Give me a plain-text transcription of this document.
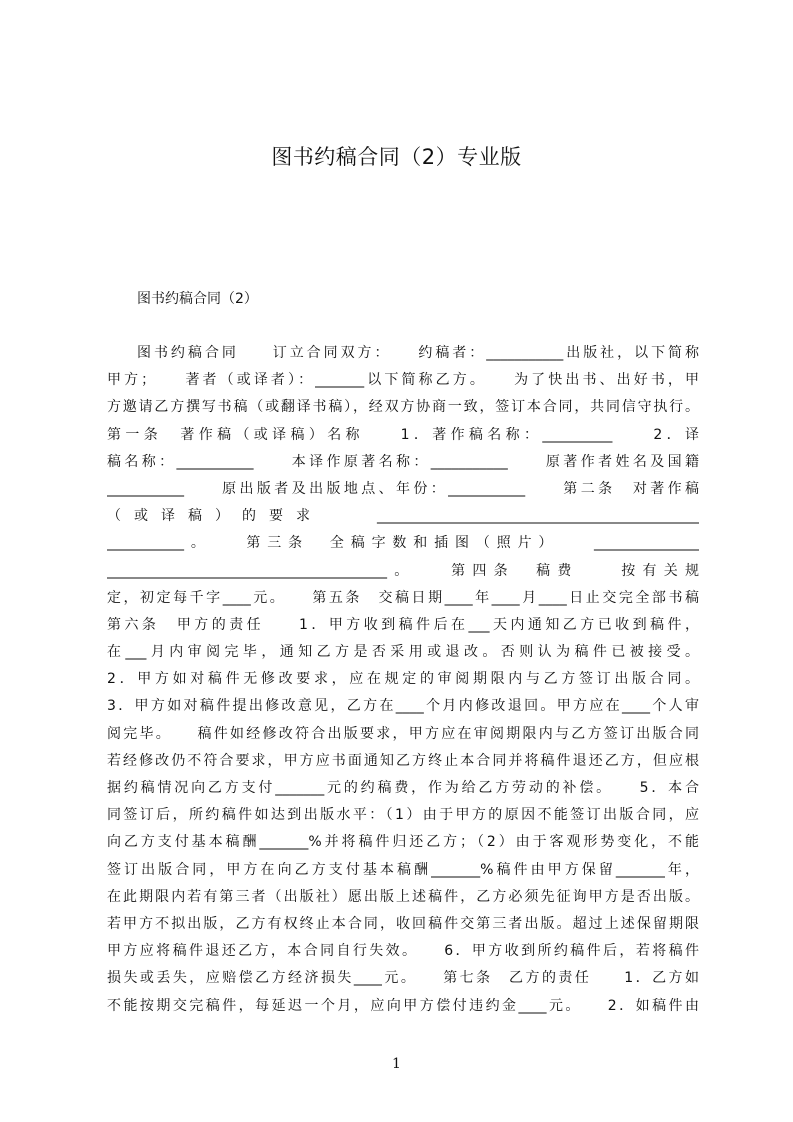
图书约稿合同（2）专业版

图书约稿合同（2）

图书约稿合同　　订立合同双方：　　约稿者：___________出版社，以下简称
甲方；　　著者（或译者）：_______以下简称乙方。　　为了快出书、出好书，甲
方邀请乙方撰写书稿（或翻译书稿），经双方协商一致，签订本合同，共同信守执行。
第一条　著作稿（或译稿）名称　　1．著作稿名称：__________　　2．译
稿名称：___________　　本译作原著名称：___________　　原著作者姓名及国籍
___________　　原出版者及出版地点、年份：___________　　第二条　对著作稿
（或译稿）的要求　　______________________________________________
___________。　　第三条　全稿字数和插图（照片）　　_______________
________________________________________。　　第四条　稿费　　按有关规
定，初定每千字____元。　　第五条　交稿日期____年____月____日止交完全部书稿
第六条　甲方的责任　　1．甲方收到稿件后在___天内通知乙方已收到稿件，
在___月内审阅完毕，通知乙方是否采用或退改。否则认为稿件已被接受。
2．甲方如对稿件无修改要求，应在规定的审阅期限内与乙方签订出版合同。
3．甲方如对稿件提出修改意见，乙方在____个月内修改退回。甲方应在____个人审
阅完毕。　　稿件如经修改符合出版要求，甲方应在审阅期限内与乙方签订出版合同
若经修改仍不符合要求，甲方应书面通知乙方终止本合同并将稿件退还乙方，但应根
据约稿情况向乙方支付_______元的约稿费，作为给乙方劳动的补偿。　　5．本合
同签订后，所约稿件如达到出版水平：（1）由于甲方的原因不能签订出版合同，应
向乙方支付基本稿酬_______%并将稿件归还乙方；（2）由于客观形势变化，不能
签订出版合同，甲方在向乙方支付基本稿酬_______%稿件由甲方保留_______年，
在此期限内若有第三者（出版社）愿出版上述稿件，乙方必须先征询甲方是否出版。
若甲方不拟出版，乙方有权终止本合同，收回稿件交第三者出版。超过上述保留期限
甲方应将稿件退还乙方，本合同自行失效。　　6．甲方收到所约稿件后，若将稿件
损失或丢失，应赔偿乙方经济损失____元。　　第七条　乙方的责任　　1．乙方如
不能按期交完稿件，每延迟一个月，应向甲方偿付违约金____元。　　2．如稿件由
1
